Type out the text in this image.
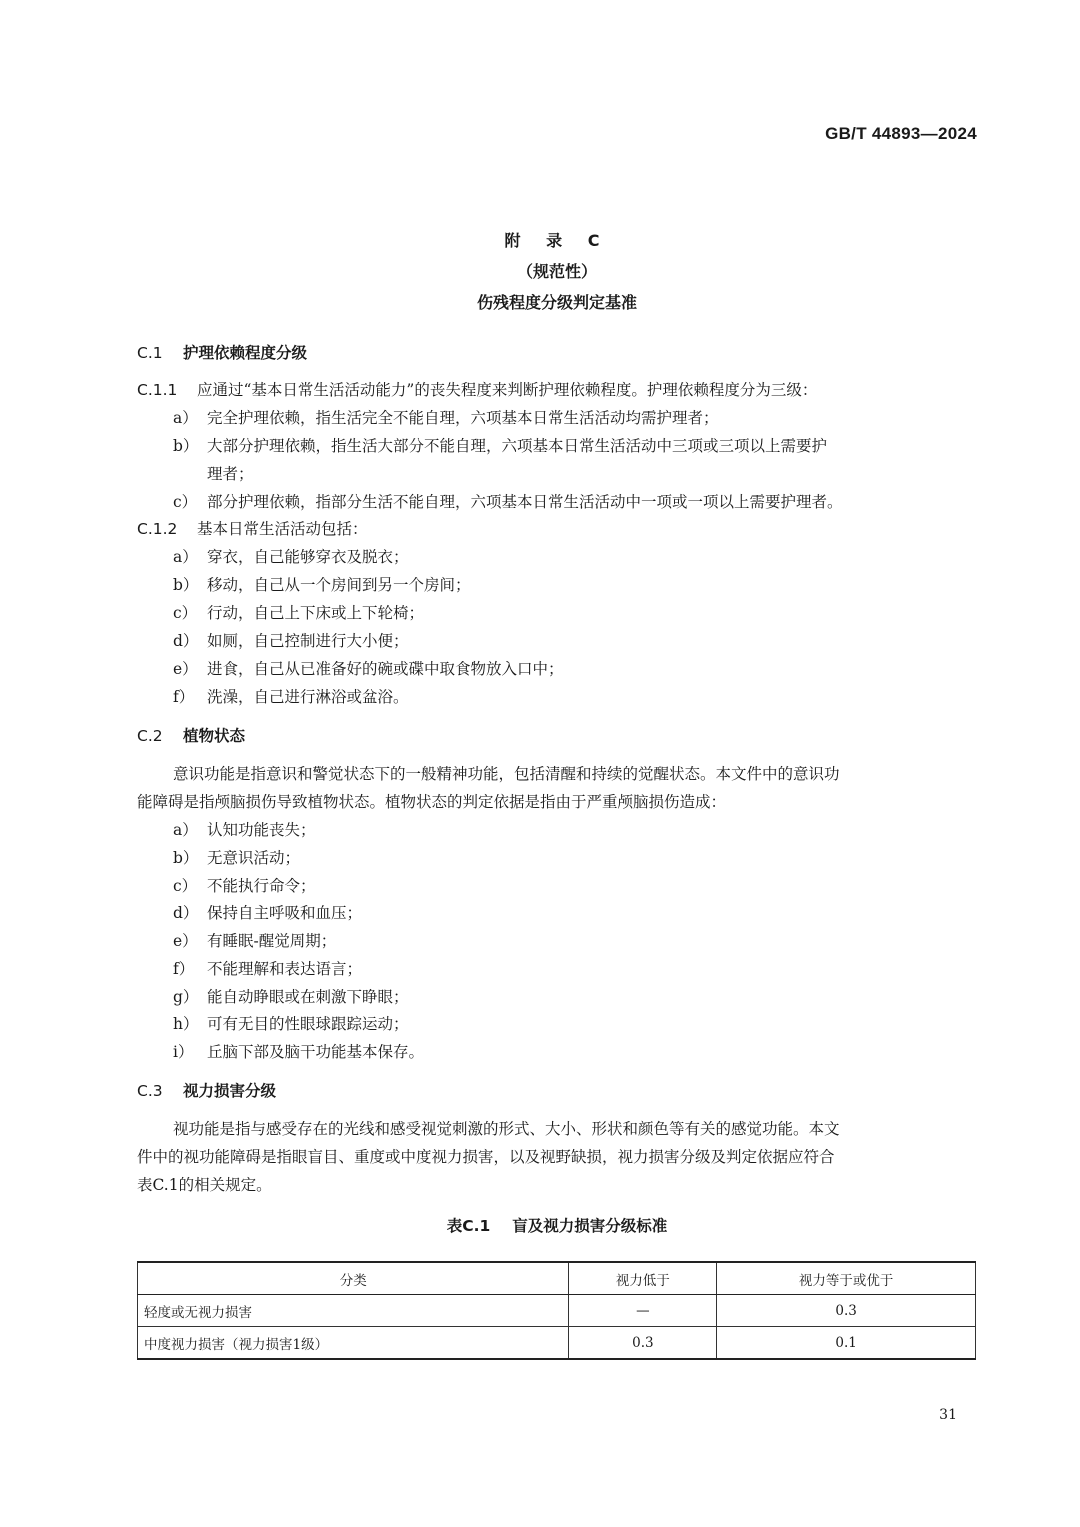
GB/T 44893—2024
附 录 C
（规范性）
伤残程度分级判定基准
C.1 护理依赖程度分级
C.1.1 应通过“基本日常生活活动能力”的丧失程度来判断护理依赖程度。护理依赖程度分为三级：
a） 完全护理依赖，指生活完全不能自理，六项基本日常生活活动均需护理者；
b） 大部分护理依赖，指生活大部分不能自理，六项基本日常生活活动中三项或三项以上需要护
理者；
c） 部分护理依赖，指部分生活不能自理，六项基本日常生活活动中一项或一项以上需要护理者。
C.1.2 基本日常生活活动包括：
a） 穿衣，自己能够穿衣及脱衣；
b） 移动，自己从一个房间到另一个房间；
c） 行动，自己上下床或上下轮椅；
d） 如厕，自己控制进行大小便；
e） 进食，自己从已准备好的碗或碟中取食物放入口中；
f） 洗澡，自己进行淋浴或盆浴。
C.2 植物状态
意识功能是指意识和警觉状态下的一般精神功能，包括清醒和持续的觉醒状态。本文件中的意识功
能障碍是指颅脑损伤导致植物状态。植物状态的判定依据是指由于严重颅脑损伤造成：
a） 认知功能丧失；
b） 无意识活动；
c） 不能执行命令；
d） 保持自主呼吸和血压；
e） 有睡眠-醒觉周期；
f） 不能理解和表达语言；
g） 能自动睁眼或在刺激下睁眼；
h） 可有无目的性眼球跟踪运动；
i） 丘脑下部及脑干功能基本保存。
C.3 视力损害分级
视功能是指与感受存在的光线和感受视觉刺激的形式、大小、形状和颜色等有关的感觉功能。本文
件中的视功能障碍是指眼盲目、重度或中度视力损害，以及视野缺损，视力损害分级及判定依据应符合
表C.1的相关规定。
表C.1 盲及视力损害分级标准
分类	视力低于	视力等于或优于
轻度或无视力损害	—	0.3
中度视力损害（视力损害1级）	0.3	0.1
31
